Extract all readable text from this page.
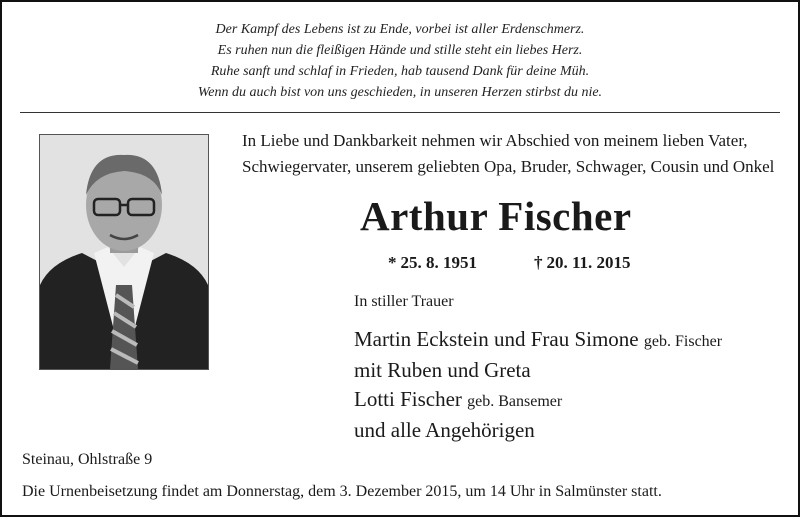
Der Kampf des Lebens ist zu Ende, vorbei ist aller Erdenschmerz.
Es ruhen nun die fleißigen Hände und stille steht ein liebes Herz.
Ruhe sanft und schlaf in Frieden, hab tausend Dank für deine Müh.
Wenn du auch bist von uns geschieden, in unseren Herzen stirbst du nie.
In Liebe und Dankbarkeit nehmen wir Abschied von meinem lieben Vater,
Schwiegervater, unserem geliebten Opa, Bruder, Schwager, Cousin und Onkel
Arthur Fischer
* 25. 8. 1951	† 20. 11. 2015
In stiller Trauer
Martin Eckstein und Frau Simone geb. Fischer
mit Ruben und Greta
Lotti Fischer geb. Bansemer
und alle Angehörigen
Steinau, Ohlstraße 9
Die Urnenbeisetzung findet am Donnerstag, dem 3. Dezember 2015, um 14 Uhr in Salmünster statt.
